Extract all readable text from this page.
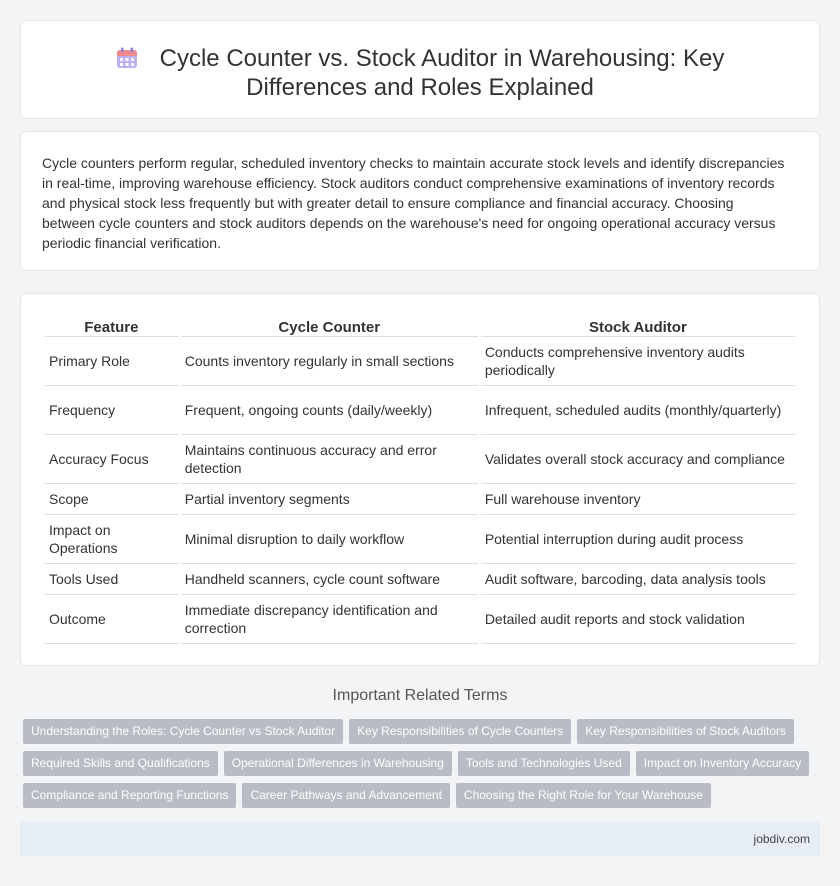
Cycle Counter vs. Stock Auditor in Warehousing: Key Differences and Roles Explained

Cycle counters perform regular, scheduled inventory checks to maintain accurate stock levels and identify discrepancies in real-time, improving warehouse efficiency. Stock auditors conduct comprehensive examinations of inventory records and physical stock less frequently but with greater detail to ensure compliance and financial accuracy. Choosing between cycle counters and stock auditors depends on the warehouse's need for ongoing operational accuracy versus periodic financial verification.

Feature	Cycle Counter	Stock Auditor
Primary Role	Counts inventory regularly in small sections	Conducts comprehensive inventory audits periodically
Frequency	Frequent, ongoing counts (daily/weekly)	Infrequent, scheduled audits (monthly/quarterly)
Accuracy Focus	Maintains continuous accuracy and error detection	Validates overall stock accuracy and compliance
Scope	Partial inventory segments	Full warehouse inventory
Impact on Operations	Minimal disruption to daily workflow	Potential interruption during audit process
Tools Used	Handheld scanners, cycle count software	Audit software, barcoding, data analysis tools
Outcome	Immediate discrepancy identification and correction	Detailed audit reports and stock validation
Important Related Terms
Understanding the Roles: Cycle Counter vs Stock Auditor Key Responsibilities of Cycle Counters Key Responsibilities of Stock Auditors
Required Skills and Qualifications Operational Differences in Warehousing Tools and Technologies Used Impact on Inventory Accuracy
Compliance and Reporting Functions Career Pathways and Advancement Choosing the Right Role for Your Warehouse
jobdiv.com
